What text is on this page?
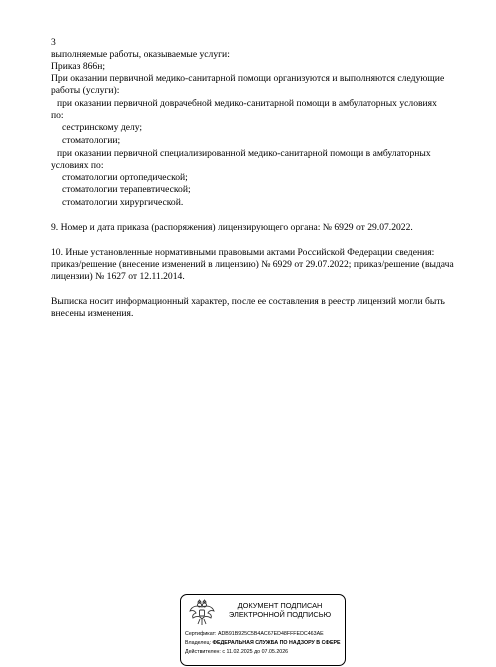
3
выполняемые работы, оказываемые услуги:
Приказ 866н;
При оказании первичной медико-санитарной помощи организуются и выполняются следующие
работы (услуги):
при оказании первичной доврачебной медико-санитарной помощи в амбулаторных условиях
по:
сестринскому делу;
стоматологии;
при оказании первичной специализированной медико-санитарной помощи в амбулаторных
условиях по:
стоматологии ортопедической;
стоматологии терапевтической;
стоматологии хирургической.
9. Номер и дата приказа (распоряжения) лицензирующего органа: № 6929 от 29.07.2022.
10. Иные установленные нормативными правовыми актами Российской Федерации сведения:
приказ/решение (внесение изменений в лицензию) № 6929 от 29.07.2022; приказ/решение (выдача
лицензии) № 1627 от 12.11.2014.
Выписка носит информационный характер, после ее составления в реестр лицензий могли быть
внесены изменения.
ДОКУМЕНТ ПОДПИСАН
ЭЛЕКТРОННОЙ ПОДПИСЬЮ
Сертификат: ADB91B925C5B4AC67ED48FFFEDC463AE
Владелец: ФЕДЕРАЛЬНАЯ СЛУЖБА ПО НАДЗОРУ В СФЕРЕ
Действителен: с 11.02.2025 до 07.05.2026
